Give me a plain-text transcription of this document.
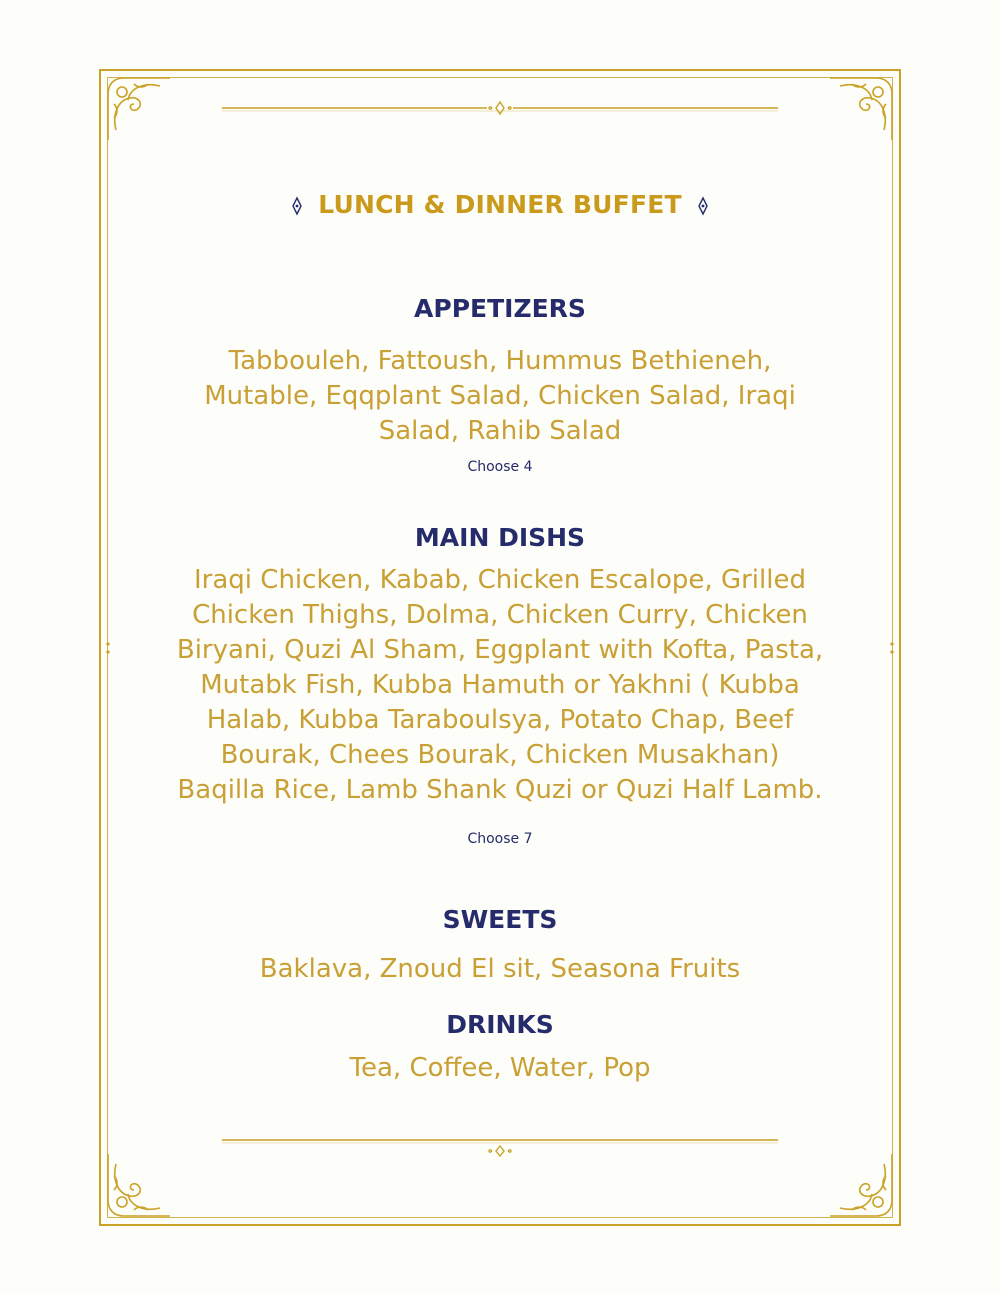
LUNCH & DINNER BUFFET
APPETIZERS
Tabbouleh, Fattoush, Hummus Bethieneh, Mutable, Eqqplant Salad, Chicken Salad, Iraqi Salad, Rahib Salad
Choose 4
MAIN DISHS
Iraqi Chicken, Kabab, Chicken Escalope, Grilled Chicken Thighs, Dolma, Chicken Curry, Chicken Biryani, Quzi Al Sham, Eggplant with Kofta, Pasta, Mutabk Fish, Kubba Hamuth or Yakhni ( Kubba Halab, Kubba Taraboulsya, Potato Chap, Beef Bourak, Chees Bourak, Chicken Musakhan) Baqilla Rice, Lamb Shank Quzi or Quzi Half Lamb.
Choose 7
SWEETS
Baklava, Znoud El sit, Seasona Fruits
DRINKS
Tea, Coffee, Water, Pop
